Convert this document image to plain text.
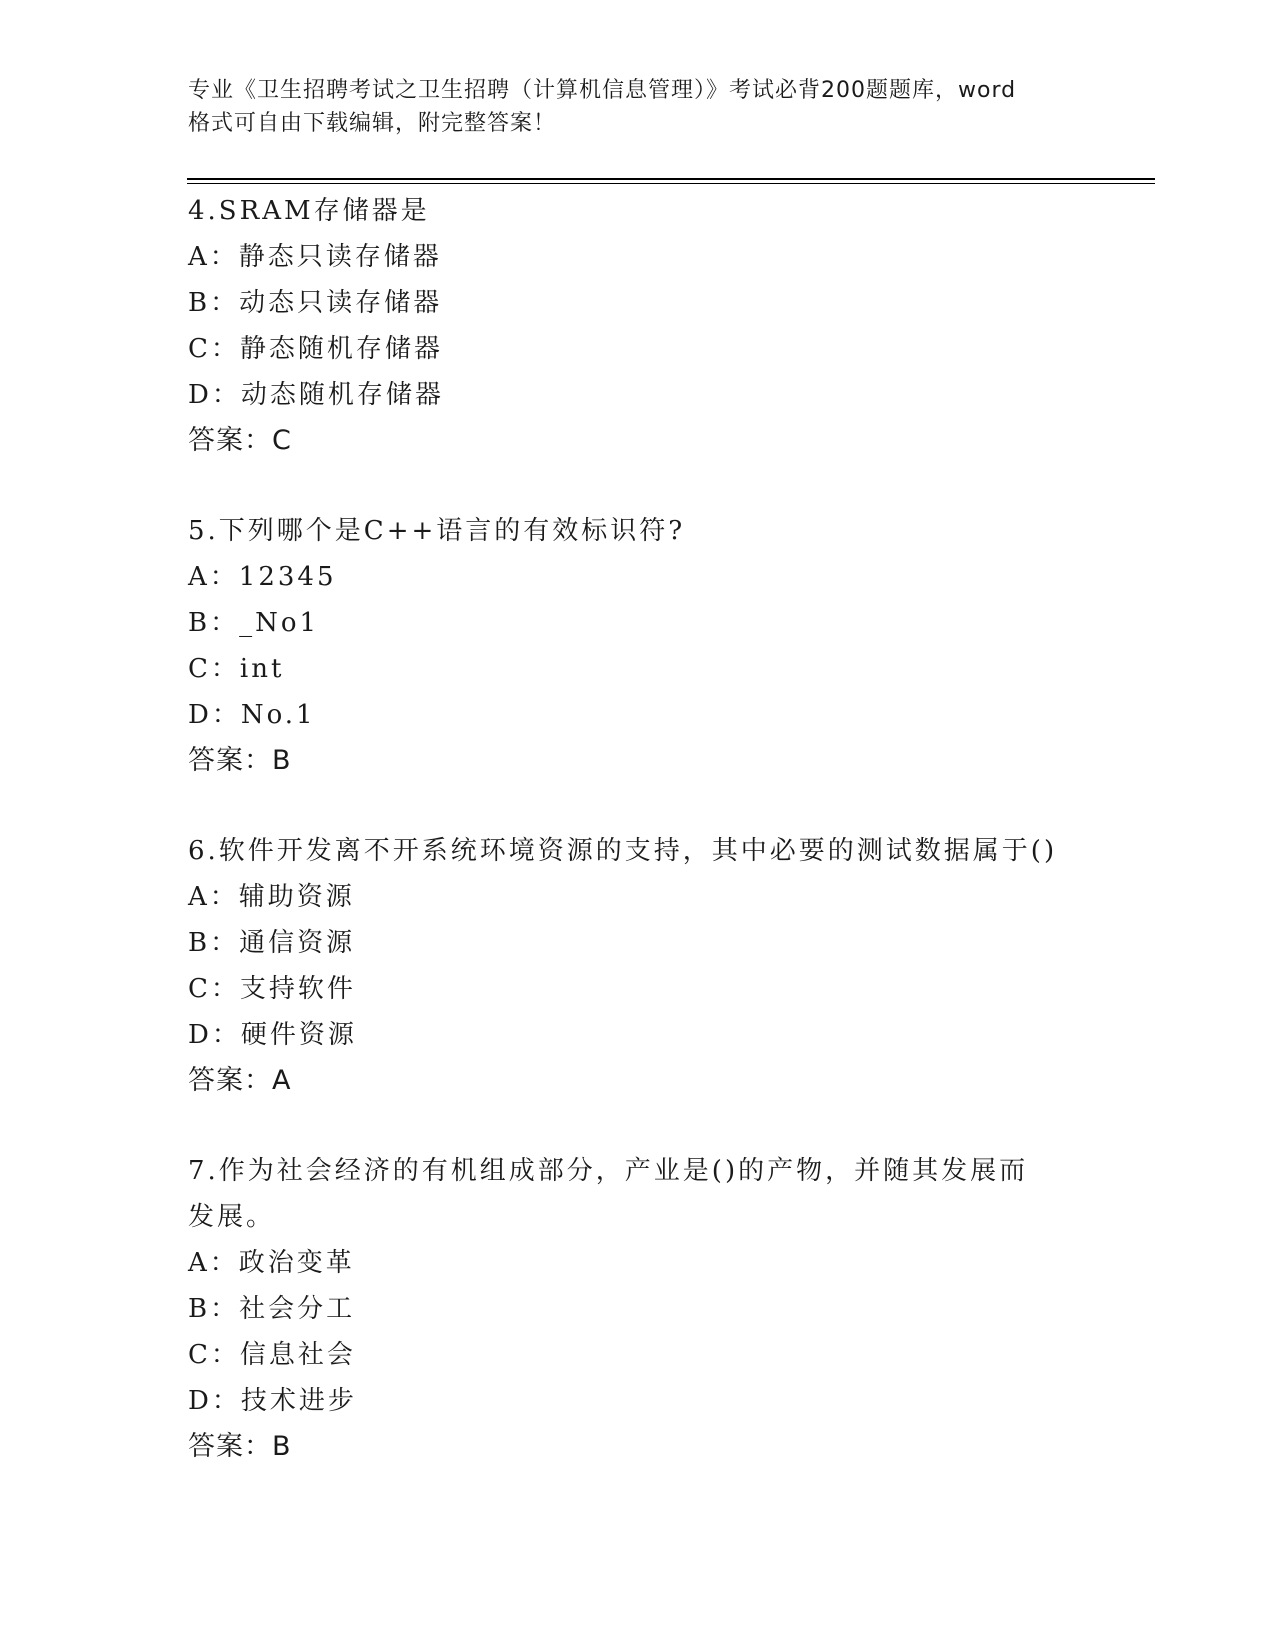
专业《卫生招聘考试之卫生招聘（计算机信息管理）》考试必背200题题库，word
格式可自由下载编辑，附完整答案！

4.SRAM存储器是

A：静态只读存储器

B：动态只读存储器

C：静态随机存储器

D：动态随机存储器

答案：C

5.下列哪个是C++语言的有效标识符?

A：12345

B：_No1

C：int

D：No.1

答案：B

6.软件开发离不开系统环境资源的支持，其中必要的测试数据属于()

A：辅助资源

B：通信资源

C：支持软件

D：硬件资源

答案：A

7.作为社会经济的有机组成部分，产业是()的产物，并随其发展而发展。

A：政治变革

B：社会分工

C：信息社会

D：技术进步

答案：B
